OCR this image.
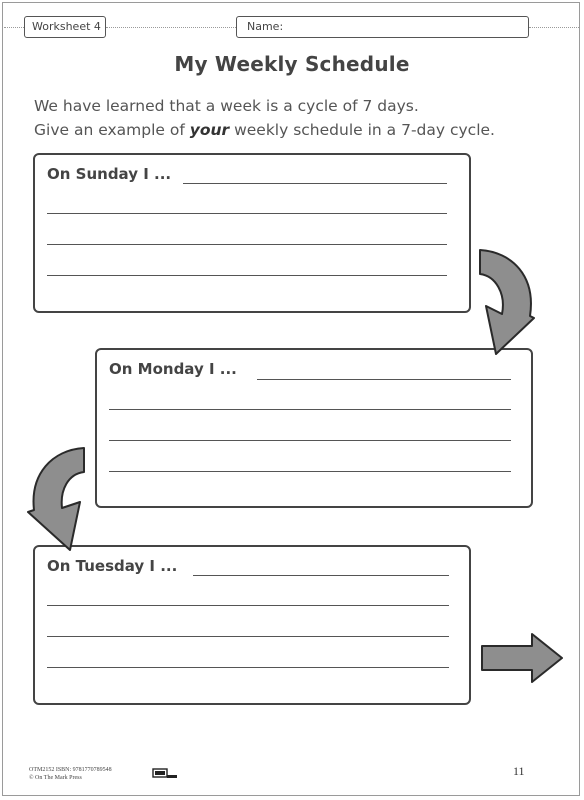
Worksheet 4	Name:
My Weekly Schedule
We have learned that a week is a cycle of 7 days.
Give an example of your weekly schedule in a 7-day cycle.
On Sunday I ...
On Monday I ...
On Tuesday I ...
OTM2152 ISBN: 9781770789548
© On The Mark Press	11
